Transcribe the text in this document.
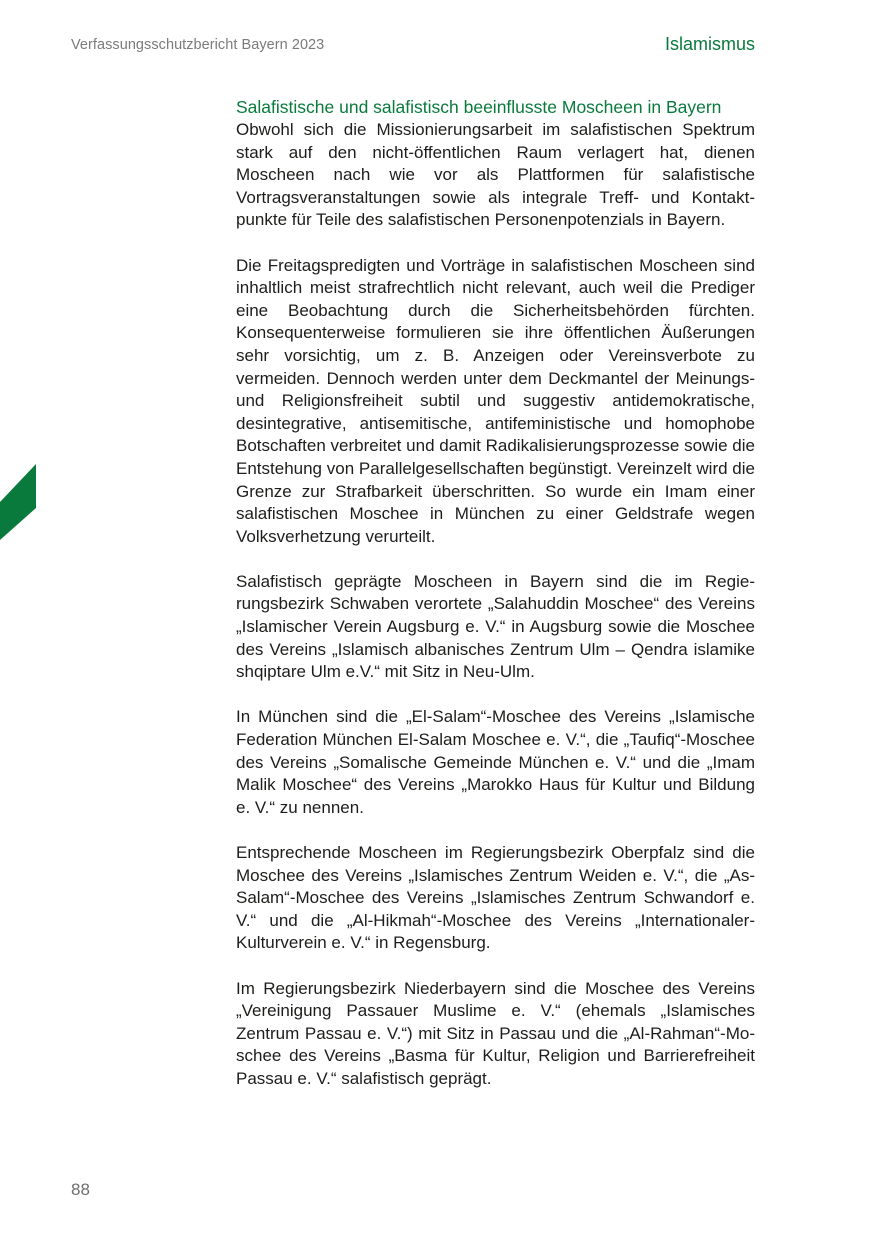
Verfassungsschutzbericht Bayern 2023	Islamismus
Salafistische und salafistisch beeinflusste Moscheen in Bayern

Obwohl sich die Missionierungsarbeit im salafistischen Spektrum stark auf den nicht-öffentlichen Raum verlagert hat, dienen Moscheen nach wie vor als Plattformen für salafistische Vortragsveranstaltungen sowie als integrale Treff- und Kontaktpunkte für Teile des salafistischen Personenpotenzials in Bayern.

Die Freitagspredigten und Vorträge in salafistischen Moscheen sind inhaltlich meist strafrechtlich nicht relevant, auch weil die Prediger eine Beobachtung durch die Sicherheitsbehörden fürchten. Konsequenterweise formulieren sie ihre öffentlichen Äußerungen sehr vorsichtig, um z. B. Anzeigen oder Vereinsverbote zu vermeiden. Dennoch werden unter dem Deckmantel der Meinungs- und Religionsfreiheit subtil und suggestiv antidemokratische, desintegrative, antisemitische, antifeministische und homophobe Botschaften verbreitet und damit Radikalisierungsprozesse sowie die Entstehung von Parallelgesellschaften begünstigt. Vereinzelt wird die Grenze zur Strafbarkeit überschritten. So wurde ein Imam einer salafistischen Moschee in München zu einer Geldstrafe wegen Volksverhetzung verurteilt.

Salafistisch geprägte Moscheen in Bayern sind die im Regierungsbezirk Schwaben verortete „Salahuddin Moschee“ des Vereins „Islamischer Verein Augsburg e. V.“ in Augsburg sowie die Moschee des Vereins „Islamisch albanisches Zentrum Ulm – Qendra islamike shqiptare Ulm e.V.“ mit Sitz in Neu-Ulm.

In München sind die „El-Salam“-Moschee des Vereins „Islamische Federation München El-Salam Moschee e. V.“, die „Taufiq“-Moschee des Vereins „Somalische Gemeinde München e. V.“ und die „Imam Malik Moschee“ des Vereins „Marokko Haus für Kultur und Bildung e. V.“ zu nennen.

Entsprechende Moscheen im Regierungsbezirk Oberpfalz sind die Moschee des Vereins „Islamisches Zentrum Weiden e. V.“, die „As-Salam“-Moschee des Vereins „Islamisches Zentrum Schwandorf e. V.“ und die „Al-Hikmah“-Moschee des Vereins „Internationaler-Kulturverein e. V.“ in Regensburg.

Im Regierungsbezirk Niederbayern sind die Moschee des Vereins „Vereinigung Passauer Muslime e. V.“ (ehemals „Islamisches Zentrum Passau e. V.“) mit Sitz in Passau und die „Al-Rahman“-Moschee des Vereins „Basma für Kultur, Religion und Barrierefreiheit Passau e. V.“ salafistisch geprägt.

88
